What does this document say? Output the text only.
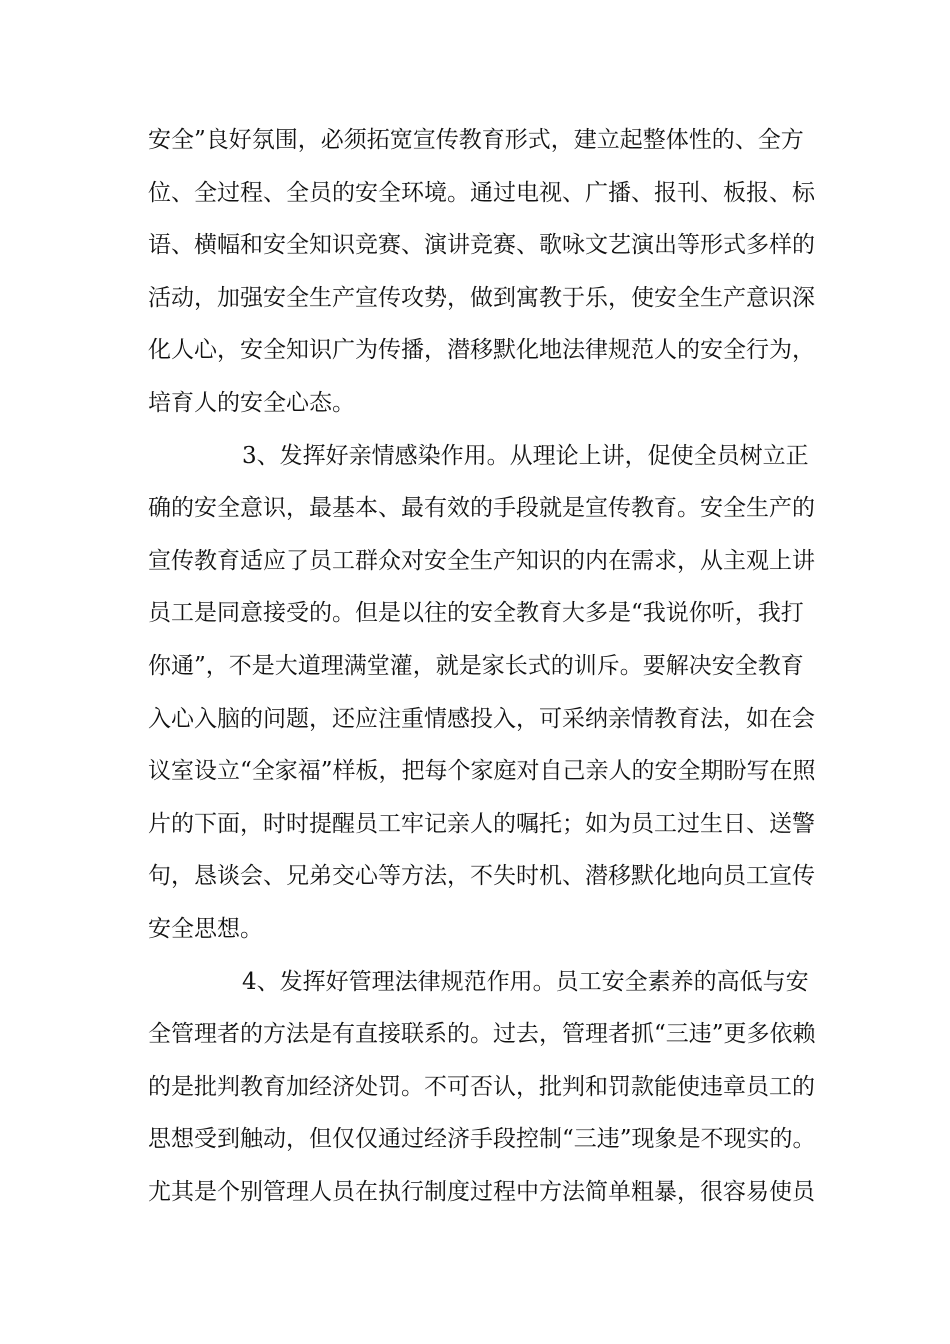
安全”良好氛围，必须拓宽宣传教育形式，建立起整体性的、全方
位、全过程、全员的安全环境。通过电视、广播、报刊、板报、标
语、横幅和安全知识竞赛、演讲竞赛、歌咏文艺演出等形式多样的
活动，加强安全生产宣传攻势，做到寓教于乐，使安全生产意识深
化人心，安全知识广为传播，潜移默化地法律规范人的安全行为，
培育人的安全心态。
3、发挥好亲情感染作用。从理论上讲，促使全员树立正
确的安全意识，最基本、最有效的手段就是宣传教育。安全生产的
宣传教育适应了员工群众对安全生产知识的内在需求，从主观上讲
员工是同意接受的。但是以往的安全教育大多是“我说你听，我打
你通”，不是大道理满堂灌，就是家长式的训斥。要解决安全教育
入心入脑的问题，还应注重情感投入，可采纳亲情教育法，如在会
议室设立“全家福”样板，把每个家庭对自己亲人的安全期盼写在照
片的下面，时时提醒员工牢记亲人的嘱托；如为员工过生日、送警
句，恳谈会、兄弟交心等方法，不失时机、潜移默化地向员工宣传
安全思想。
4、发挥好管理法律规范作用。员工安全素养的高低与安
全管理者的方法是有直接联系的。过去，管理者抓“三违”更多依赖
的是批判教育加经济处罚。不可否认，批判和罚款能使违章员工的
思想受到触动，但仅仅通过经济手段控制“三违”现象是不现实的。
尤其是个别管理人员在执行制度过程中方法简单粗暴，很容易使员
